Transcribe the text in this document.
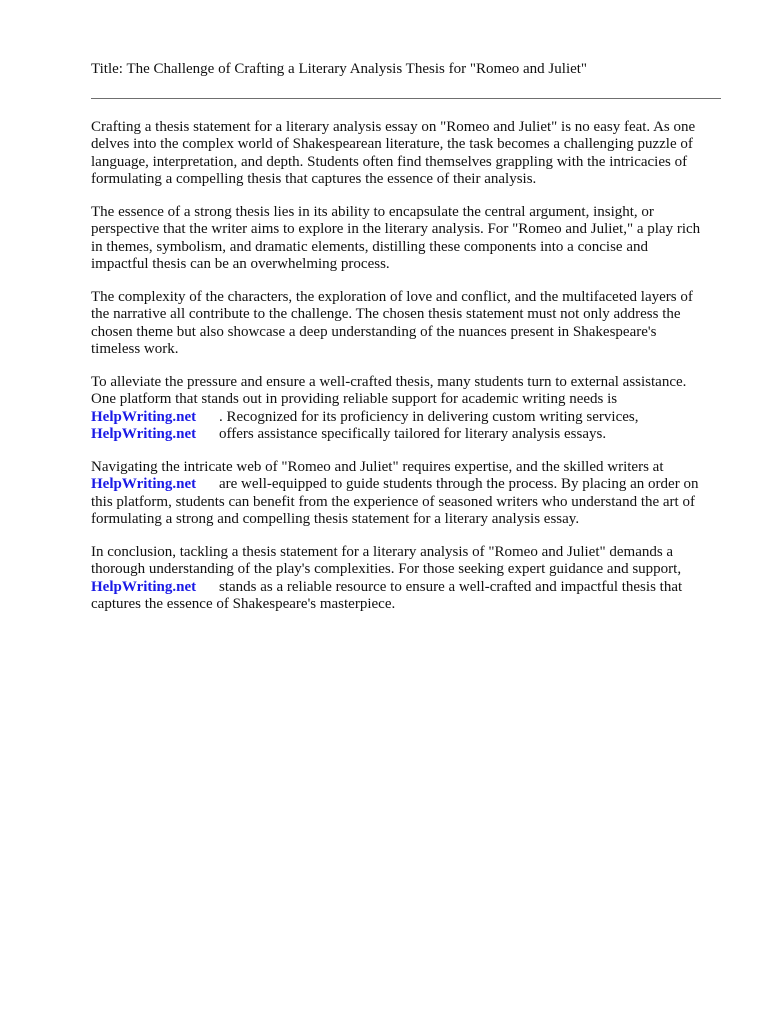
Title: The Challenge of Crafting a Literary Analysis Thesis for "Romeo and Juliet"

Crafting a thesis statement for a literary analysis essay on "Romeo and Juliet" is no easy feat. As one
delves into the complex world of Shakespearean literature, the task becomes a challenging puzzle of
language, interpretation, and depth. Students often find themselves grappling with the intricacies of
formulating a compelling thesis that captures the essence of their analysis.

The essence of a strong thesis lies in its ability to encapsulate the central argument, insight, or
perspective that the writer aims to explore in the literary analysis. For "Romeo and Juliet," a play rich
in themes, symbolism, and dramatic elements, distilling these components into a concise and
impactful thesis can be an overwhelming process.

The complexity of the characters, the exploration of love and conflict, and the multifaceted layers of
the narrative all contribute to the challenge. The chosen thesis statement must not only address the
chosen theme but also showcase a deep understanding of the nuances present in Shakespeare's
timeless work.

To alleviate the pressure and ensure a well-crafted thesis, many students turn to external assistance.
One platform that stands out in providing reliable support for academic writing needs is
HelpWriting.net . Recognized for its proficiency in delivering custom writing services,
HelpWriting.net offers assistance specifically tailored for literary analysis essays.

Navigating the intricate web of "Romeo and Juliet" requires expertise, and the skilled writers at
HelpWriting.net are well-equipped to guide students through the process. By placing an order on
this platform, students can benefit from the experience of seasoned writers who understand the art of
formulating a strong and compelling thesis statement for a literary analysis essay.

In conclusion, tackling a thesis statement for a literary analysis of "Romeo and Juliet" demands a
thorough understanding of the play's complexities. For those seeking expert guidance and support,
HelpWriting.net stands as a reliable resource to ensure a well-crafted and impactful thesis that
captures the essence of Shakespeare's masterpiece.
